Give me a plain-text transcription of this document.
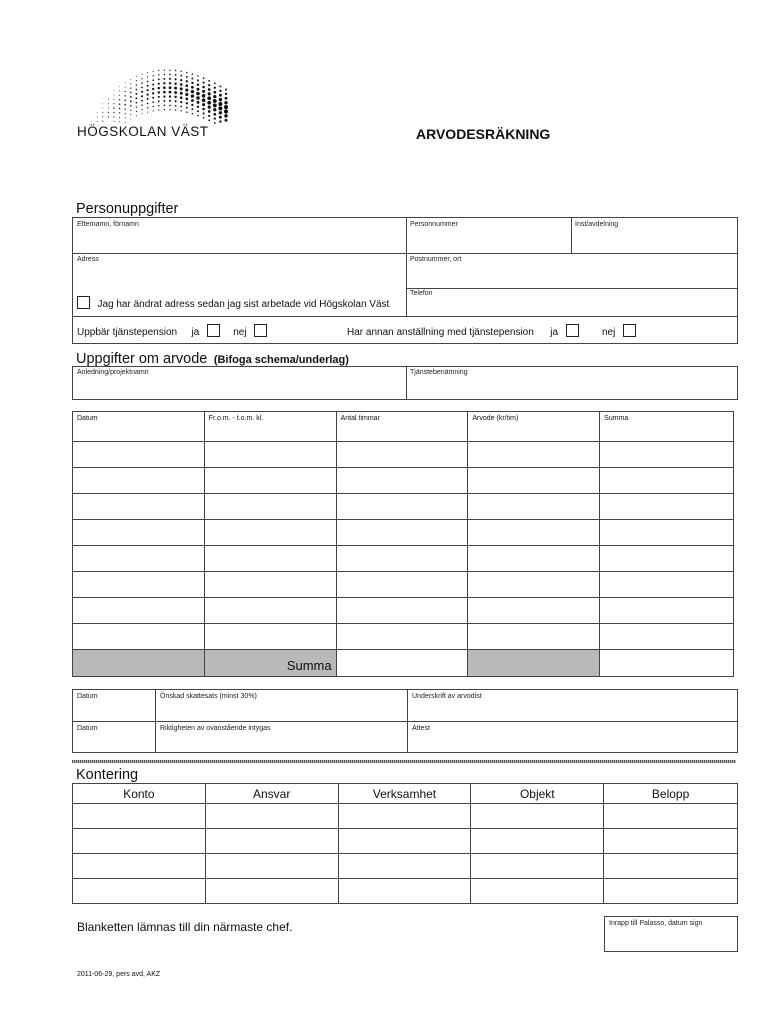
HÖGSKOLAN VÄST	ARVODESRÄKNING
Personuppgifter
Efternamn, förnamn	Personnummer	Inst/avdelning
Adress	Postnummer, ort
Telefon
Jag har ändrat adress sedan jag sist arbetade vid Högskolan Väst
Uppbär tjänstepension ja	nej	Har annan anställning med tjänstepension ja	nej
Uppgifter om arvode (Bifoga schema/underlag)
Anledning/projektnamn	Tjänstebenämning
Datum	Fr.o.m. - t.o.m. kl.	Antal timmar	Arvode (kr/tim)	Summa

	Summa			
Datum	Önskad skattesats (minst 30%)	Underskrift av arvodist
Datum	Riktigheten av ovanstående intygas	Attest
Kontering
Konto	Ansvar	Verksamhet	Objekt	Belopp

Blanketten lämnas till din närmaste chef.	Inrapp till Palasso, datum sign
2011-06-29, pers avd, AKZ
